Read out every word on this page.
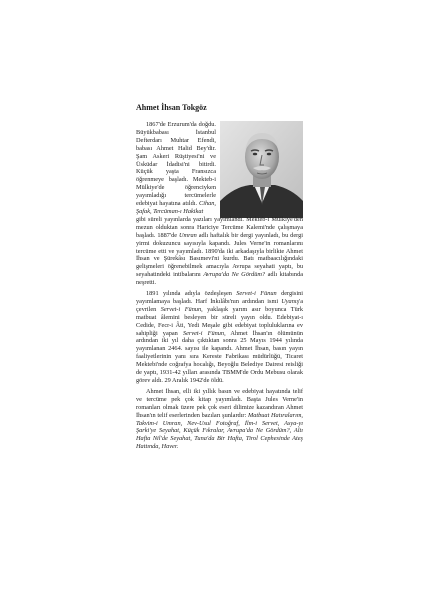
Ahmet İhsan Tokgöz

1867'de Erzurum'da doğdu. Büyükbabası İstanbul Defterdarı Muhtar Efendi, babası Ahmet Halid Bey'dir. Şam Askeri Rüştiyesi'ni ve Üsküdar İdadisi'ni bitirdi. Küçük yaşta Fransızca öğrenmeye başladı. Mekteb-i Mülkiye'de öğrenciyken yayımladığı tercümelerle edebiyat hayatına atıldı. Cihan, Şafak, Tercüman-ı Hakikat

gibi süreli yayınlarda yazıları yayımlandı. Mekteb-i Mülkiye'den mezun olduktan sonra Hariciye Tercüme Kalemi'nde çalışmaya başladı. 1887'de Umran adlı haftalık bir dergi yayınladı, bu dergi yirmi dokuzuncu sayısıyla kapandı. Jules Verne'in romanlarını tercüme etti ve yayımladı. 1890'da iki arkadaşıyla birlikte Ahmet İhsan ve Şürekâsı Basımevi'ni kurdu. Batı matbaacılığındaki gelişmeleri öğrenebilmek amacıyla Avrupa seyahati yaptı, bu seyahatindeki intibalarını Avrupa'da Ne Gördüm? adlı kitabında neşretti.

1891 yılında adıyla özdeşleşen Servet-i Fünun dergisini yayımlamaya başladı. Harf İnkılâbı'nın ardından ismi Uyanış'a çevrilen Servet-i Fünun, yaklaşık yarım asır boyunca Türk matbuat âlemini besleyen bir süreli yayın oldu. Edebiyat-ı Cedide, Fecr-i Âti, Yedi Meşale gibi edebiyat topluluklarına ev sahipliği yapan Servet-i Fünun, Ahmet İhsan'ın ölümünün ardından iki yıl daha çıktıktan sonra 25 Mayıs 1944 yılında yayımlanan 2464. sayısı ile kapandı. Ahmet İhsan, basın yayın faaliyetlerinin yanı sıra Kerestе Fabrikası müdürlüğü, Ticaret Mektebi'nde coğrafya hocalığı, Beyoğlu Belediye Dairesi reisliği de yaptı, 1931-42 yılları arasında TBMM'de Ordu Mebusu olarak görev aldı. 29 Aralık 1942'de öldü.

Ahmet İhsan, elli iki yıllık basın ve edebiyat hayatında telif ve tercüme pek çok kitap yayımladı. Başta Jules Verne'in romanları olmak üzere pek çok eseri dilimize kazandıran Ahmet İhsan'ın telif eserlerinden bazıları şunlardır: Matbuat Hatıralarım, Takvim-i Umran, Nev-Usul Fotoğraf, İlm-i Servet, Asya-yı Şarki'ye Seyahat, Küçük Fıkralar, Avrupa'da Ne Gördüm?, Altı Hafta Nil'de Seyahat, Tuna'da Bir Hafta, Tirol Cephesinde Ateş Hattında, Haver.
